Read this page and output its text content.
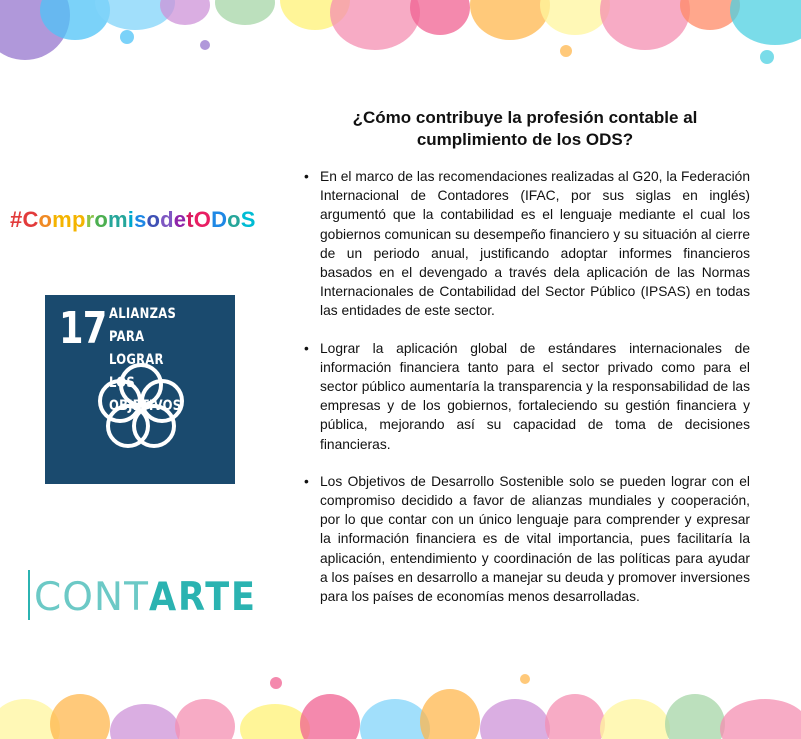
#CompromisodetODoS
17 ALIANZAS PARA
LOGRAR
LOS OBJETIVOS
CONT ARTE
¿Cómo contribuye la profesión contable al cumplimiento de los ODS?
• En el marco de las recomendaciones realizadas al G20, la Federación Internacional de Contadores (IFAC, por sus siglas en inglés) argumentó que la contabilidad es el lenguaje mediante el cual los gobiernos comunican su desempeño financiero y su situación al cierre de un periodo anual, justificando adoptar informes financieros basados en el devengado a través dela aplicación de las Normas Internacionales de Contabilidad del Sector Público (IPSAS) en todas las entidades de este sector.
• Lograr la aplicación global de estándares internacionales de información financiera tanto para el sector privado como para el sector público aumentaría la transparencia y la responsabilidad de las empresas y de los gobiernos, fortaleciendo su gestión financiera y pública, mejorando así su capacidad de toma de decisiones financieras.
• Los Objetivos de Desarrollo Sostenible solo se pueden lograr con el compromiso decidido a favor de alianzas mundiales y cooperación, por lo que contar con un único lenguaje para comprender y expresar la información financiera es de vital importancia, pues facilitaría la aplicación, entendimiento y coordinación de las políticas para ayudar a los países en desarrollo a manejar su deuda y promover inversiones para los países de economías menos desarrolladas.
